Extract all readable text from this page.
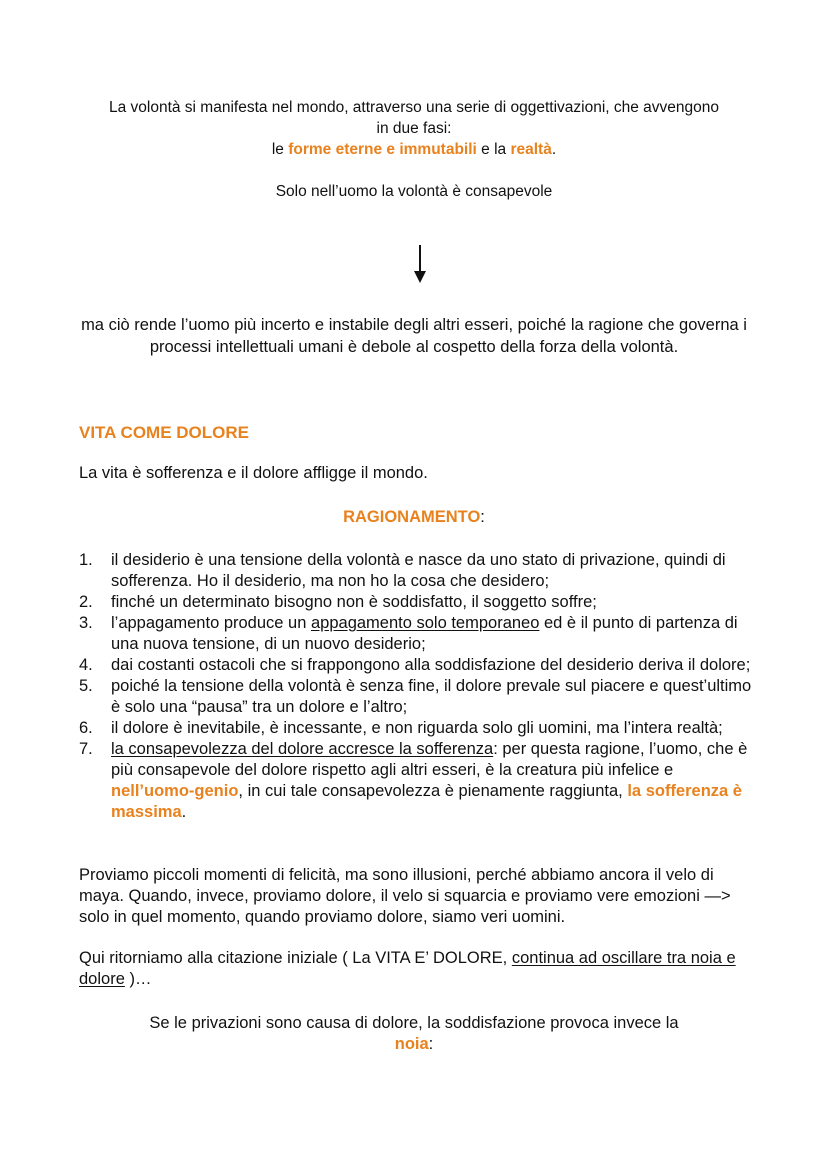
La volontà si manifesta nel mondo, attraverso una serie di oggettivazioni, che avvengono
in due fasi:
le forme eterne e immutabili e la realtà.
Solo nell’uomo la volontà è consapevole
ma ciò rende l’uomo più incerto e instabile degli altri esseri, poiché la ragione che governa i processi intellettuali umani è debole al cospetto della forza della volontà.
VITA COME DOLORE
La vita è sofferenza e il dolore affligge il mondo.
RAGIONAMENTO:
1. il desiderio è una tensione della volontà e nasce da uno stato di privazione, quindi di sofferenza. Ho il desiderio, ma non ho la cosa che desidero;
2. finché un determinato bisogno non è soddisfatto, il soggetto soffre;
3. l’appagamento produce un appagamento solo temporaneo ed è il punto di partenza di una nuova tensione, di un nuovo desiderio;
4. dai costanti ostacoli che si frappongono alla soddisfazione del desiderio deriva il dolore;
5. poiché la tensione della volontà è senza fine, il dolore prevale sul piacere e quest’ultimo è solo una “pausa” tra un dolore e l’altro;
6. il dolore è inevitabile, è incessante, e non riguarda solo gli uomini, ma l’intera realtà;
7. la consapevolezza del dolore accresce la sofferenza: per questa ragione, l’uomo, che è più consapevole del dolore rispetto agli altri esseri, è la creatura più infelice e nell’uomo-genio, in cui tale consapevolezza è pienamente raggiunta, la sofferenza è massima.

Proviamo piccoli momenti di felicità, ma sono illusioni, perché abbiamo ancora il velo di maya. Quando, invece, proviamo dolore, il velo si squarcia e proviamo vere emozioni —> solo in quel momento, quando proviamo dolore, siamo veri uomini.

Qui ritorniamo alla citazione iniziale ( La VITA E’ DOLORE, continua ad oscillare tra noia e dolore )…

Se le privazioni sono causa di dolore, la soddisfazione provoca invece la
noia:
